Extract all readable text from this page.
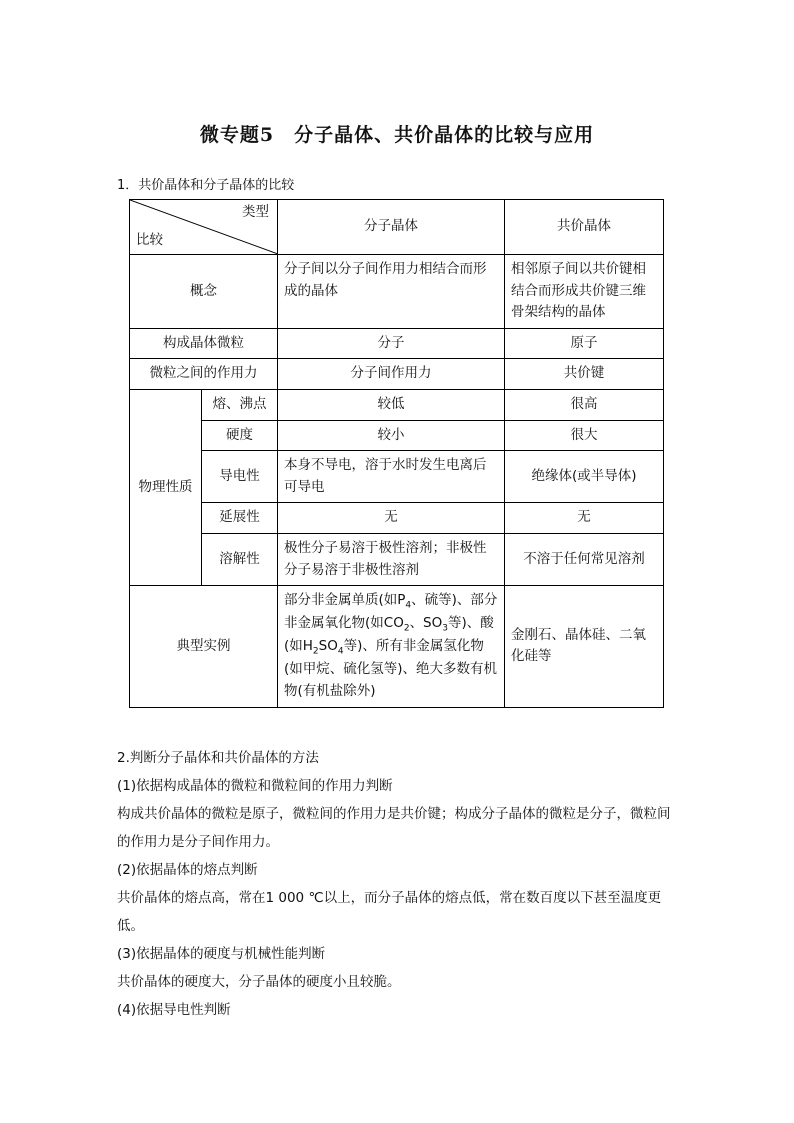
微专题5　分子晶体、共价晶体的比较与应用
1．共价晶体和分子晶体的比较
类型
比较		分子晶体	共价晶体
概念		分子间以分子间作用力相结合而形成的晶体	相邻原子间以共价键相结合而形成共价键三维骨架结构的晶体
构成晶体微粒		分子	原子
微粒之间的作用力		分子间作用力	共价键
物理性质	熔、沸点	较低	很高
	硬度	较小	很大
	导电性	本身不导电，溶于水时发生电离后可导电	绝缘体(或半导体)
	延展性	无	无
	溶解性	极性分子易溶于极性溶剂；非极性分子易溶于非极性溶剂	不溶于任何常见溶剂
典型实例		部分非金属单质(如$P_4$、硫等)、部分非金属氧化物(如$CO_2$、$SO_3$等)、酸(如$H_2SO_4$等)、所有非金属氢化物(如甲烷、硫化氢等)、绝大多数有机物(有机盐除外)	金刚石、晶体硅、二氧化硅等

2.判断分子晶体和共价晶体的方法

(1)依据构成晶体的微粒和微粒间的作用力判断

构成共价晶体的微粒是原子，微粒间的作用力是共价键；构成分子晶体的微粒是分子，微粒间的作用力是分子间作用力。

(2)依据晶体的熔点判断

共价晶体的熔点高，常在1 000 ℃以上，而分子晶体的熔点低，常在数百度以下甚至温度更低。

(3)依据晶体的硬度与机械性能判断

共价晶体的硬度大，分子晶体的硬度小且较脆。

(4)依据导电性判断
